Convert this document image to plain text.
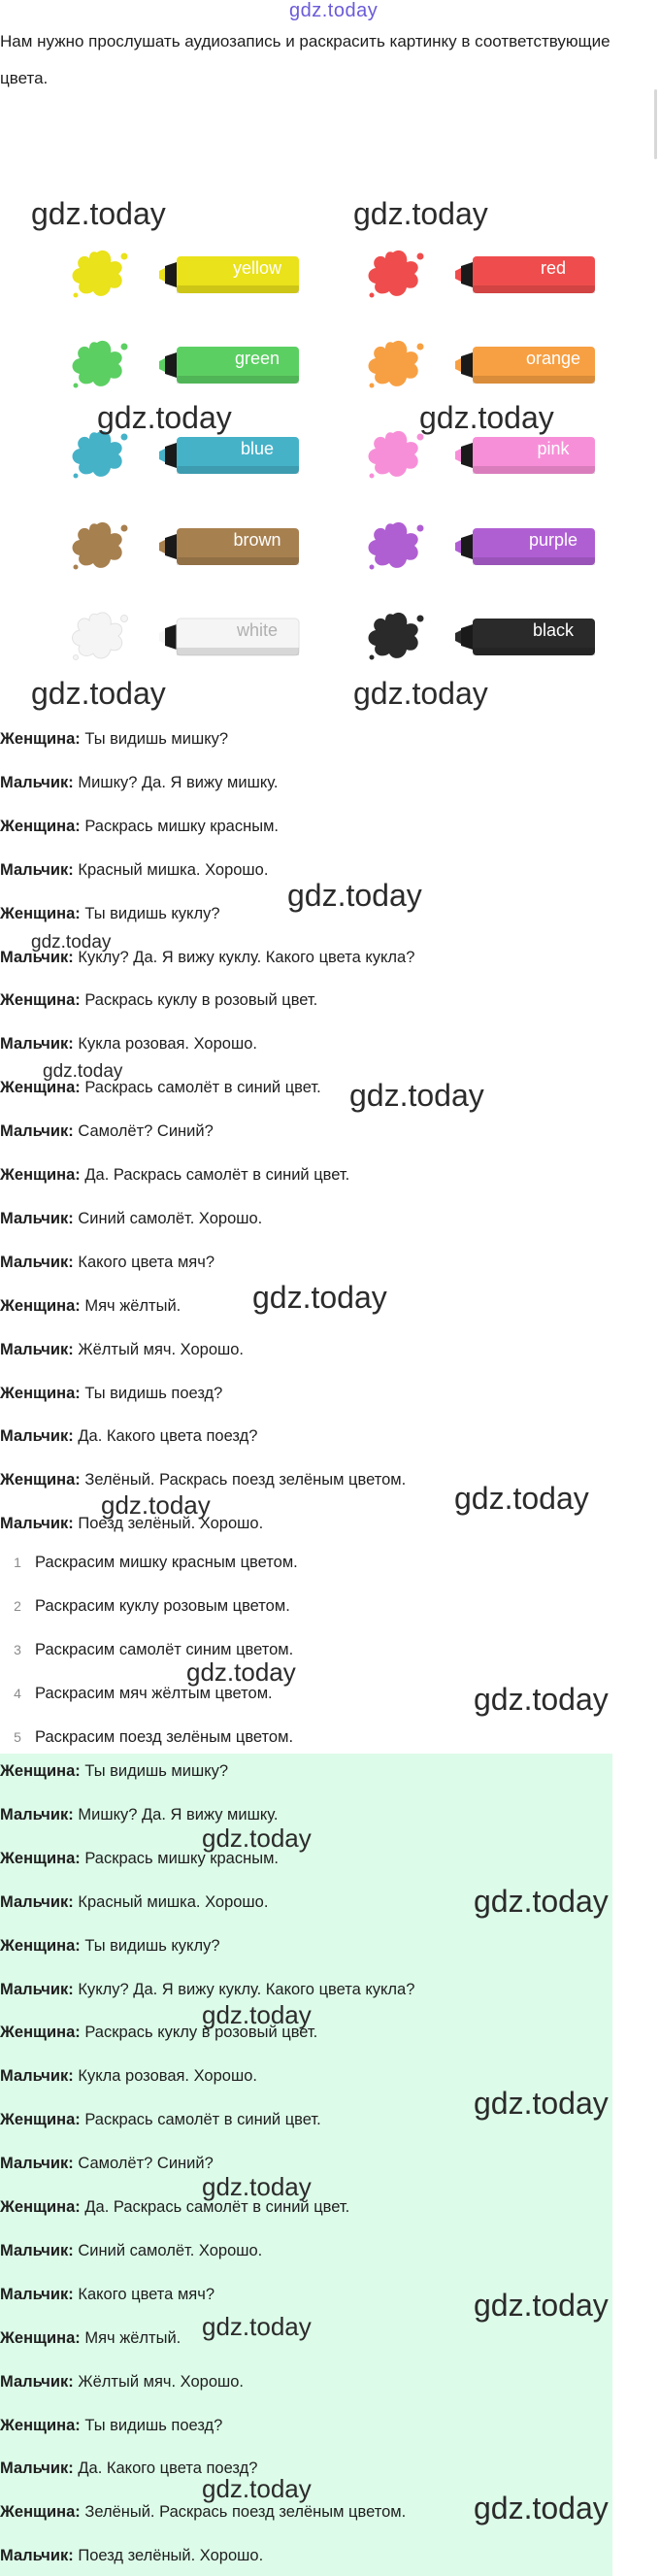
gdz.today
Нам нужно прослушать аудиозапись и раскрасить картинку в соответствующие цвета.
yellow	red
green	orange
blue	pink
brown	purple
white	black
Женщина: Ты видишь мишку?
Мальчик: Мишку? Да. Я вижу мишку.
Женщина: Раскрась мишку красным.
Мальчик: Красный мишка. Хорошо.
Женщина: Ты видишь куклу?
Мальчик: Куклу? Да. Я вижу куклу. Какого цвета кукла?
Женщина: Раскрась куклу в розовый цвет.
Мальчик: Кукла розовая. Хорошо.
Женщина: Раскрась самолёт в синий цвет.
Мальчик: Самолёт? Синий?
Женщина: Да. Раскрась самолёт в синий цвет.
Мальчик: Синий самолёт. Хорошо.
Мальчик: Какого цвета мяч?
Женщина: Мяч жёлтый.
Мальчик: Жёлтый мяч. Хорошо.
Женщина: Ты видишь поезд?
Мальчик: Да. Какого цвета поезд?
Женщина: Зелёный. Раскрась поезд зелёным цветом.
Мальчик: Поезд зелёный. Хорошо.
1 Раскрасим мишку красным цветом.
2 Раскрасим куклу розовым цветом.
3 Раскрасим самолёт синим цветом.
4 Раскрасим мяч жёлтым цветом.
5 Раскрасим поезд зелёным цветом.
Женщина: Ты видишь мишку?
Мальчик: Мишку? Да. Я вижу мишку.
Женщина: Раскрась мишку красным.
Мальчик: Красный мишка. Хорошо.
Женщина: Ты видишь куклу?
Мальчик: Куклу? Да. Я вижу куклу. Какого цвета кукла?
Женщина: Раскрась куклу в розовый цвет.
Мальчик: Кукла розовая. Хорошо.
Женщина: Раскрась самолёт в синий цвет.
Мальчик: Самолёт? Синий?
Женщина: Да. Раскрась самолёт в синий цвет.
Мальчик: Синий самолёт. Хорошо.
Мальчик: Какого цвета мяч?
Женщина: Мяч жёлтый.
Мальчик: Жёлтый мяч. Хорошо.
Женщина: Ты видишь поезд?
Мальчик: Да. Какого цвета поезд?
Женщина: Зелёный. Раскрась поезд зелёным цветом.
Мальчик: Поезд зелёный. Хорошо.
gdz.today	gdz.today
gdz.today	gdz.today
gdz.today	gdz.today
gdz.today
gdz.today
gdz.today
gdz.today
gdz.today
gdz.today
gdz.today
gdz.today
gdz.today
gdz.today
gdz.today
gdz.today
gdz.today
gdz.today
gdz.today
gdz.today
gdz.today
gdz.today
